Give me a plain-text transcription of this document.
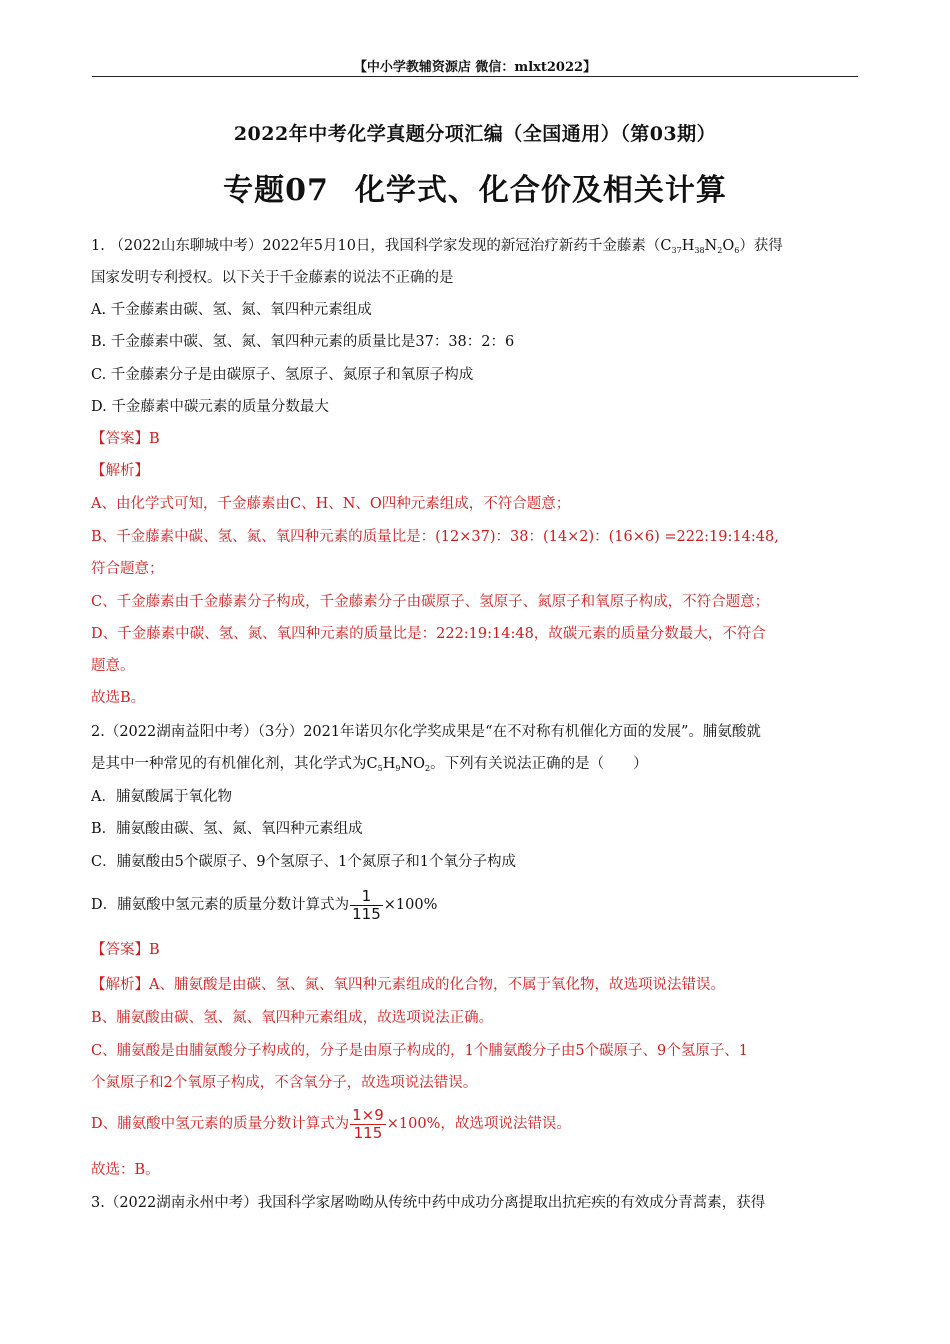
【中小学教辅资源店 微信：mlxt2022】
2022年中考化学真题分项汇编（全国通用）（第03期）
专题07 化学式、化合价及相关计算
1. （2022山东聊城中考）2022年5月10日，我国科学家发现的新冠治疗新药千金藤素$(C_{37}H_{38}N_2O_6)$获得
国家发明专利授权。以下关于千金藤素的说法不正确的是
A. 千金藤素由碳、氢、氮、氧四种元素组成
B. 千金藤素中碳、氢、氮、氧四种元素的质量比是37：38：2：6
C. 千金藤素分子是由碳原子、氢原子、氮原子和氧原子构成
D. 千金藤素中碳元素的质量分数最大
【答案】B
【解析】
A、由化学式可知，千金藤素由C、H、N、O四种元素组成，不符合题意；
B、千金藤素中碳、氢、氮、氧四种元素的质量比是：(12×37)：38：(14×2)：(16×6) =222:19:14:48,
符合题意；
C、千金藤素由千金藤素分子构成，千金藤素分子由碳原子、氢原子、氮原子和氧原子构成，不符合题意；
D、千金藤素中碳、氢、氮、氧四种元素的质量比是：222:19:14:48，故碳元素的质量分数最大，不符合
题意。
故选B。
2.（2022湖南益阳中考）（3分）2021年诺贝尔化学奖成果是“在不对称有机催化方面的发展”。脯氨酸就
是其中一种常见的有机催化剂，其化学式为$C_5H_9NO_2$。下列有关说法正确的是（　　）
A．脯氨酸属于氧化物
B．脯氨酸由碳、氢、氮、氧四种元素组成
C．脯氨酸由5个碳原子、9个氢原子、1个氮原子和1个氧分子构成
D．脯氨酸中氢元素的质量分数计算式为 $\frac{1}{115} \times 100\%$
【答案】B
【解析】A、脯氨酸是由碳、氢、氮、氧四种元素组成的化合物，不属于氧化物，故选项说法错误。
B、脯氨酸由碳、氢、氮、氧四种元素组成，故选项说法正确。
C、脯氨酸是由脯氨酸分子构成的，分子是由原子构成的，1个脯氨酸分子由5个碳原子、9个氢原子、1
个氮原子和2个氧原子构成，不含氧分子，故选项说法错误。
D、脯氨酸中氢元素的质量分数计算式为 $\frac{1\times 9}{115} \times 100\%$，故选项说法错误。
故选：B。
3.（2022湖南永州中考）我国科学家屠呦呦从传统中药中成功分离提取出抗疟疾的有效成分青蒿素，获得
